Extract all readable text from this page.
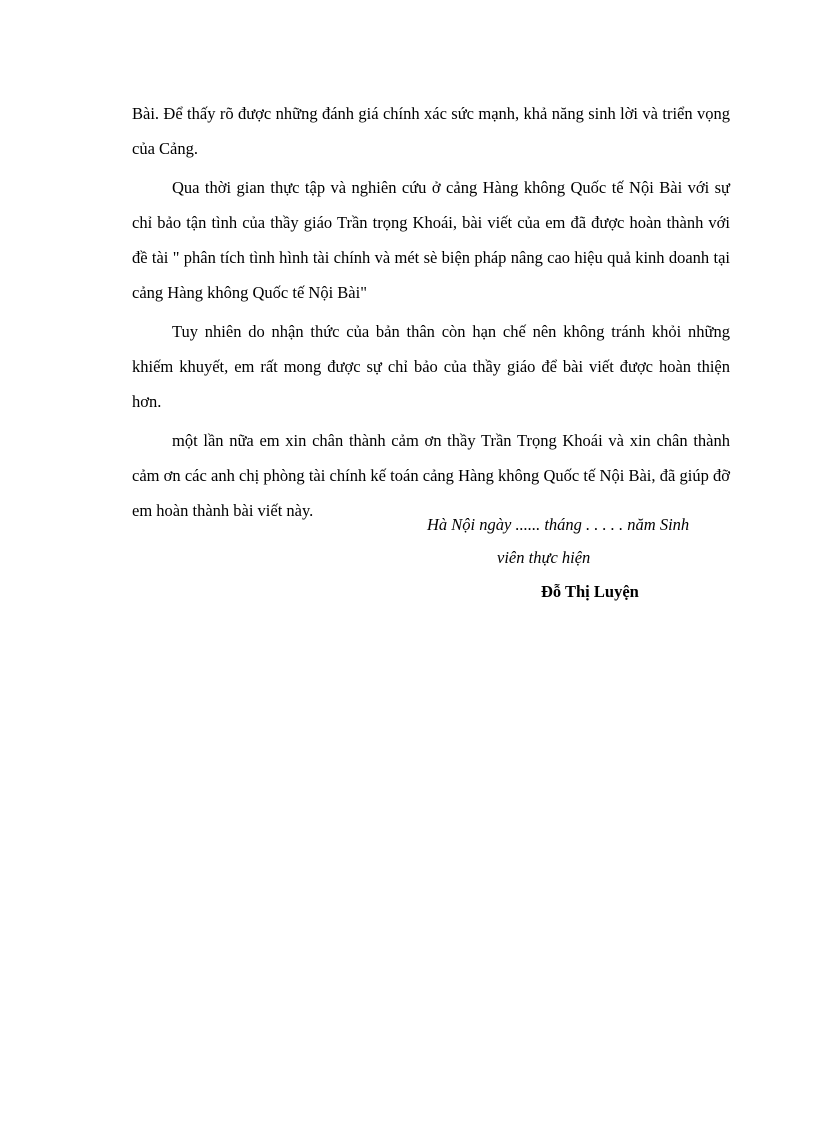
Bài. Để thấy rõ được những đánh giá chính xác sức mạnh, khả năng sinh lời và triển vọng của Cảng.

Qua thời gian thực tập và nghiên cứu ở cảng Hàng không Quốc tế Nội Bài với sự chỉ bảo tận tình của thầy giáo Trần trọng Khoái, bài viết của em đã được hoàn thành với đề tài " phân tích tình hình tài chính và mét sè biện pháp nâng cao hiệu quả kinh doanh tại cảng Hàng không Quốc tế Nội Bài"

Tuy nhiên do nhận thức của bản thân còn hạn chế nên không tránh khỏi những khiếm khuyết, em rất mong được sự chỉ bảo của thầy giáo để bài viết được hoàn thiện hơn.

một lần nữa em xin chân thành cảm ơn thầy Trần Trọng Khoái và xin chân thành cảm ơn các anh chị phòng tài chính kế toán cảng Hàng không Quốc tế Nội Bài, đã giúp đỡ em hoàn thành bài viết này.

Hà Nội ngày ...... tháng . . . . . năm Sinh
viên thực hiện
Đỗ Thị Luyện
